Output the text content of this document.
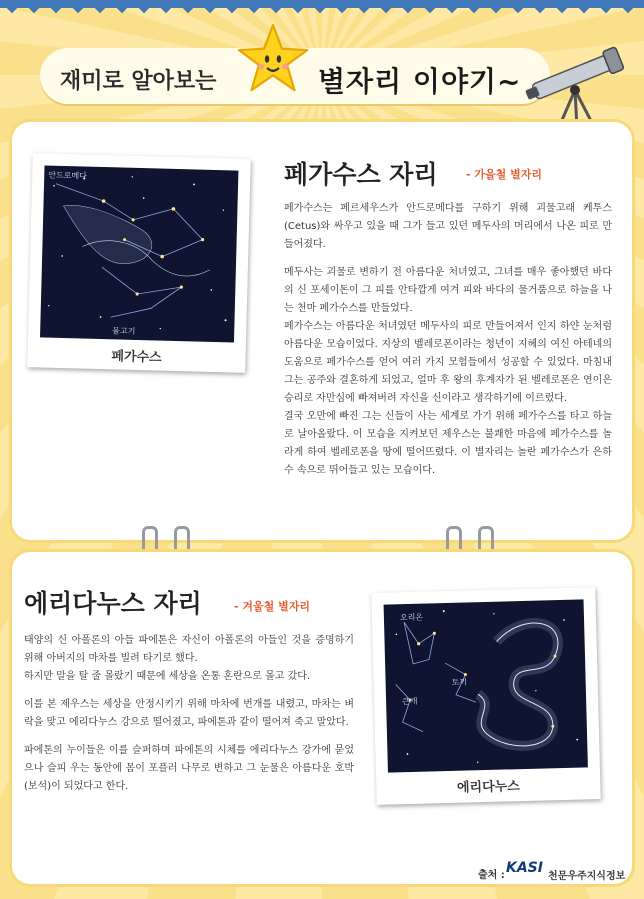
재미로 알아보는	별자리 이야기~
안드로메다
물고기
페가수스
페가수스 자리	- 가을철 별자리

페가수스는 페르세우스가 안드로메다를 구하기 위해 괴물고래 케투스(Cetus)와 싸우고 있을 때 그가 들고 있던 메두사의 머리에서 나온 피로 만들어졌다.

메두사는 괴물로 변하기 전 아름다운 처녀였고, 그녀를 매우 좋아했던 바다의 신 포세이돈이 그 피를 안타깝게 여겨 피와 바다의 물거품으로 하늘을 나는 천마 페가수스를 만들었다.

페가수스는 아름다운 처녀였던 메두사의 피로 만들어져서 인지 하얀 눈처럼 아름다운 모습이었다. 지상의 벨레로폰이라는 청년이 지혜의 여신 아테네의 도움으로 페가수스를 얻어 여러 가지 모험들에서 성공할 수 있었다. 마침내 그는 공주와 결혼하게 되었고, 얼마 후 왕의 후계자가 된 벨레로폰은 연이은 승리로 자만심에 빠져버려 자신을 신이라고 생각하기에 이르렀다.

결국 오만에 빠진 그는 신들이 사는 세계로 가기 위해 페가수스를 타고 하늘로 날아올랐다. 이 모습을 지켜보던 제우스는 불쾌한 마음에 페가수스를 놀라게 하여 벨레로폰을 땅에 떨어뜨렸다. 이 별자리는 놀란 페가수스가 은하수 속으로 뛰어들고 있는 모습이다.

에리다누스 자리	- 겨울철 별자리

태양의 신 아폴론의 아들 파에톤은 자신이 아폴론의 아들인 것을 증명하기 위해 아버지의 마차를 빌려 타기로 했다.

하지만 말을 탈 줄 몰랐기 때문에 세상을 온통 혼란으로 몰고 갔다.

이를 본 제우스는 세상을 안정시키기 위해 마차에 번개를 내렸고, 마차는 벼락을 맞고 에리다누스 강으로 떨어졌고, 파에톤과 같이 떨어져 죽고 말았다.

파에톤의 누이들은 이를 슬퍼하며 파에톤의 시체를 에리다누스 강가에 묻었으나 슬피 우는 동안에 몸이 포플러 나무로 변하고 그 눈물은 아름다운 호박(보석)이 되었다고 한다.

오리온
토끼
큰개
에리다누스
출처 : KASI
천문우주지식정보
